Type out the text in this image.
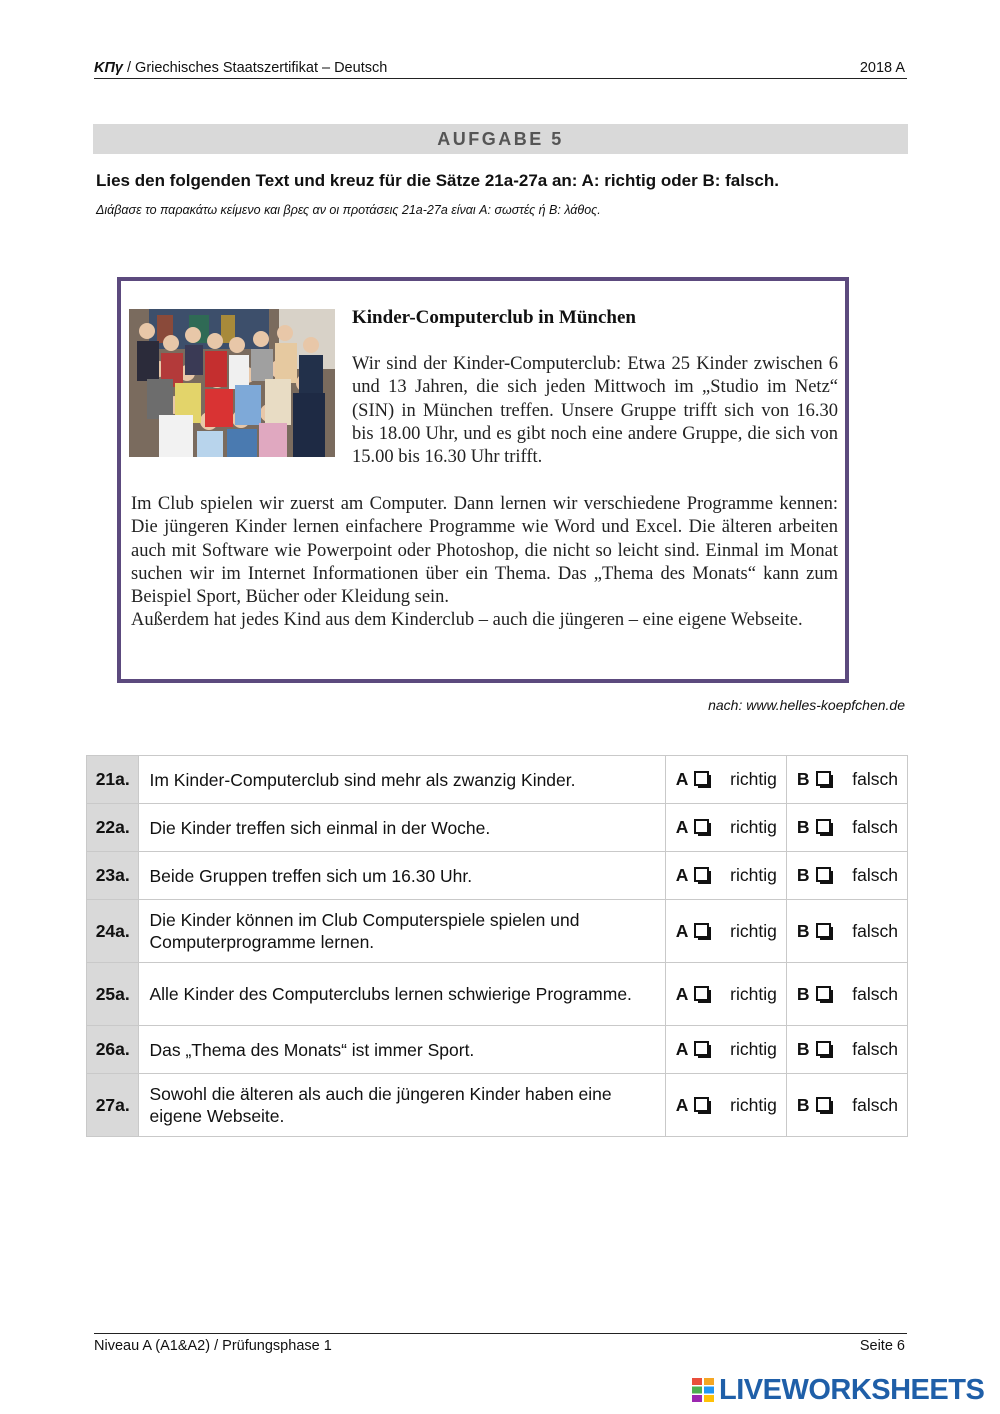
ΚΠγ / Griechisches Staatszertifikat – Deutsch	2018 A
AUFGABE 5
Lies den folgenden Text und kreuz für die Sätze 21a-27a an: A: richtig oder B: falsch.
Διάβασε το παρακάτω κείμενο και βρες αν οι προτάσεις 21a-27a είναι A: σωστές ή B: λάθος.
Kinder-Computerclub in München
Wir sind der Kinder-Computerclub: Etwa 25 Kinder zwischen 6 und 13 Jahren, die sich jeden Mittwoch im „Studio im Netz“ (SIN) in München treffen. Unsere Gruppe trifft sich von 16.30 bis 18.00 Uhr, und es gibt noch eine andere Gruppe, die sich von 15.00 bis 16.30 Uhr trifft.
Im Club spielen wir zuerst am Computer. Dann lernen wir verschiedene Programme kennen: Die jüngeren Kinder lernen einfachere Programme wie Word und Excel. Die älteren arbeiten auch mit Software wie Powerpoint oder Photoshop, die nicht so leicht sind. Einmal im Monat suchen wir im Internet Informationen über ein Thema. Das „Thema des Monats“ kann zum Beispiel Sport, Bücher oder Kleidung sein.
Außerdem hat jedes Kind aus dem Kinderclub – auch die jüngeren – eine eigene Webseite.
nach: www.helles-koepfchen.de
21a.	Im Kinder-Computerclub sind mehr als zwanzig Kinder.	A richtig	B falsch

22a.	Die Kinder treffen sich einmal in der Woche.	A richtig	B falsch

23a.	Beide Gruppen treffen sich um 16.30 Uhr.	A richtig	B falsch

24a.	Die Kinder können im Club Computerspiele spielen und Computerprogramme lernen.	A richtig	B falsch

25a.	Alle Kinder des Computerclubs lernen schwierige Programme.	A richtig	B falsch

26a.	Das „Thema des Monats“ ist immer Sport.	A richtig	B falsch

27a.	Sowohl die älteren als auch die jüngeren Kinder haben eine eigene Webseite.	A richtig	B falsch
Niveau A (A1&A2) / Prüfungsphase 1	Seite 6
LIVEWORKSHEETS
